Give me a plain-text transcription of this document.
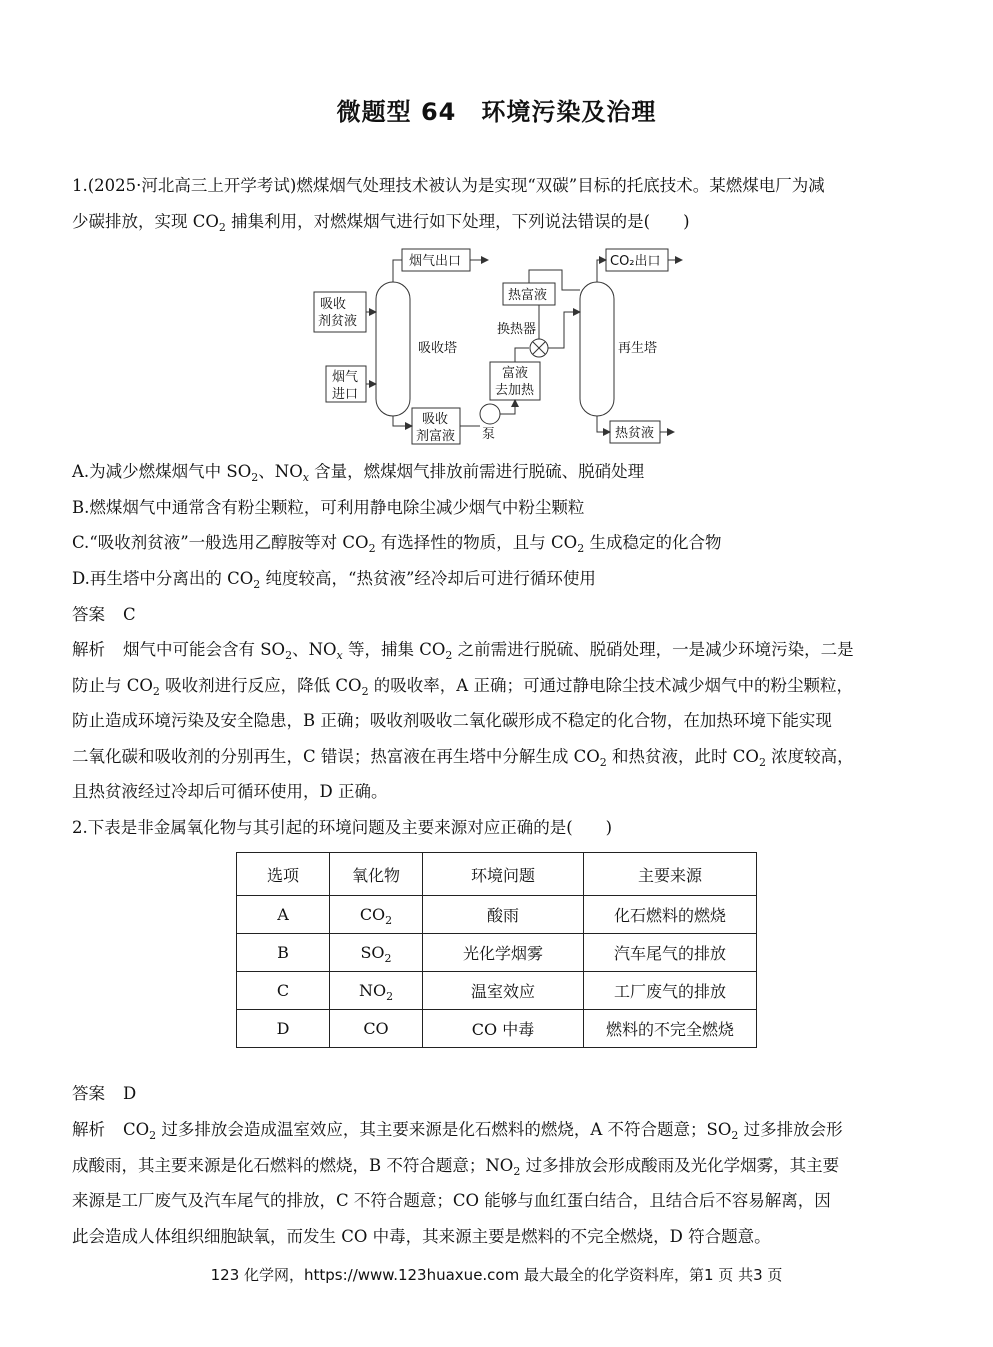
微题型 64　环境污染及治理
1.(2025·河北高三上开学考试)燃煤烟气处理技术被认为是实现“双碳”目标的托底技术。某燃煤电厂为减
少碳排放，实现 $CO_2$ 捕集利用，对燃煤烟气进行如下处理，下列说法错误的是(　　)
烟气出口	CO₂出口
吸收
剂贫液
烟气
进口
吸收塔
吸收
剂富液 泵
富液
去加热
换热器
热富液
再生塔
热贫液
A.为减少燃煤烟气中 $SO_2$、$NO_x$ 含量，燃煤烟气排放前需进行脱硫、脱硝处理
B.燃煤烟气中通常含有粉尘颗粒，可利用静电除尘减少烟气中粉尘颗粒
C.“吸收剂贫液”一般选用乙醇胺等对 $CO_2$ 有选择性的物质，且与 $CO_2$ 生成稳定的化合物
D.再生塔中分离出的 $CO_2$ 纯度较高，“热贫液”经冷却后可进行循环使用
答案 C
解析 烟气中可能会含有 $SO_2$、$NO_x$ 等，捕集 $CO_2$ 之前需进行脱硫、脱硝处理，一是减少环境污染，二是
防止与 $CO_2$ 吸收剂进行反应，降低 $CO_2$ 的吸收率，A 正确；可通过静电除尘技术减少烟气中的粉尘颗粒，
防止造成环境污染及安全隐患，B 正确；吸收剂吸收二氧化碳形成不稳定的化合物，在加热环境下能实现
二氧化碳和吸收剂的分别再生，C 错误；热富液在再生塔中分解生成 $CO_2$ 和热贫液，此时 $CO_2$ 浓度较高，
且热贫液经过冷却后可循环使用，D 正确。
2.下表是非金属氧化物与其引起的环境问题及主要来源对应正确的是(　　)
选项	氧化物	环境问题	主要来源
A	$CO_2$	酸雨	化石燃料的燃烧
B	$SO_2$	光化学烟雾	汽车尾气的排放
C	$NO_2$	温室效应	工厂废气的排放
D	CO	CO 中毒	燃料的不完全燃烧
答案 D
解析 $CO_2$ 过多排放会造成温室效应，其主要来源是化石燃料的燃烧，A 不符合题意；$SO_2$ 过多排放会形
成酸雨，其主要来源是化石燃料的燃烧，B 不符合题意；$NO_2$ 过多排放会形成酸雨及光化学烟雾，其主要
来源是工厂废气及汽车尾气的排放，C 不符合题意；CO 能够与血红蛋白结合，且结合后不容易解离，因
此会造成人体组织细胞缺氧，而发生 CO 中毒，其来源主要是燃料的不完全燃烧，D 符合题意。
123 化学网，https://www.123huaxue.com 最大最全的化学资料库，第1 页 共3 页
